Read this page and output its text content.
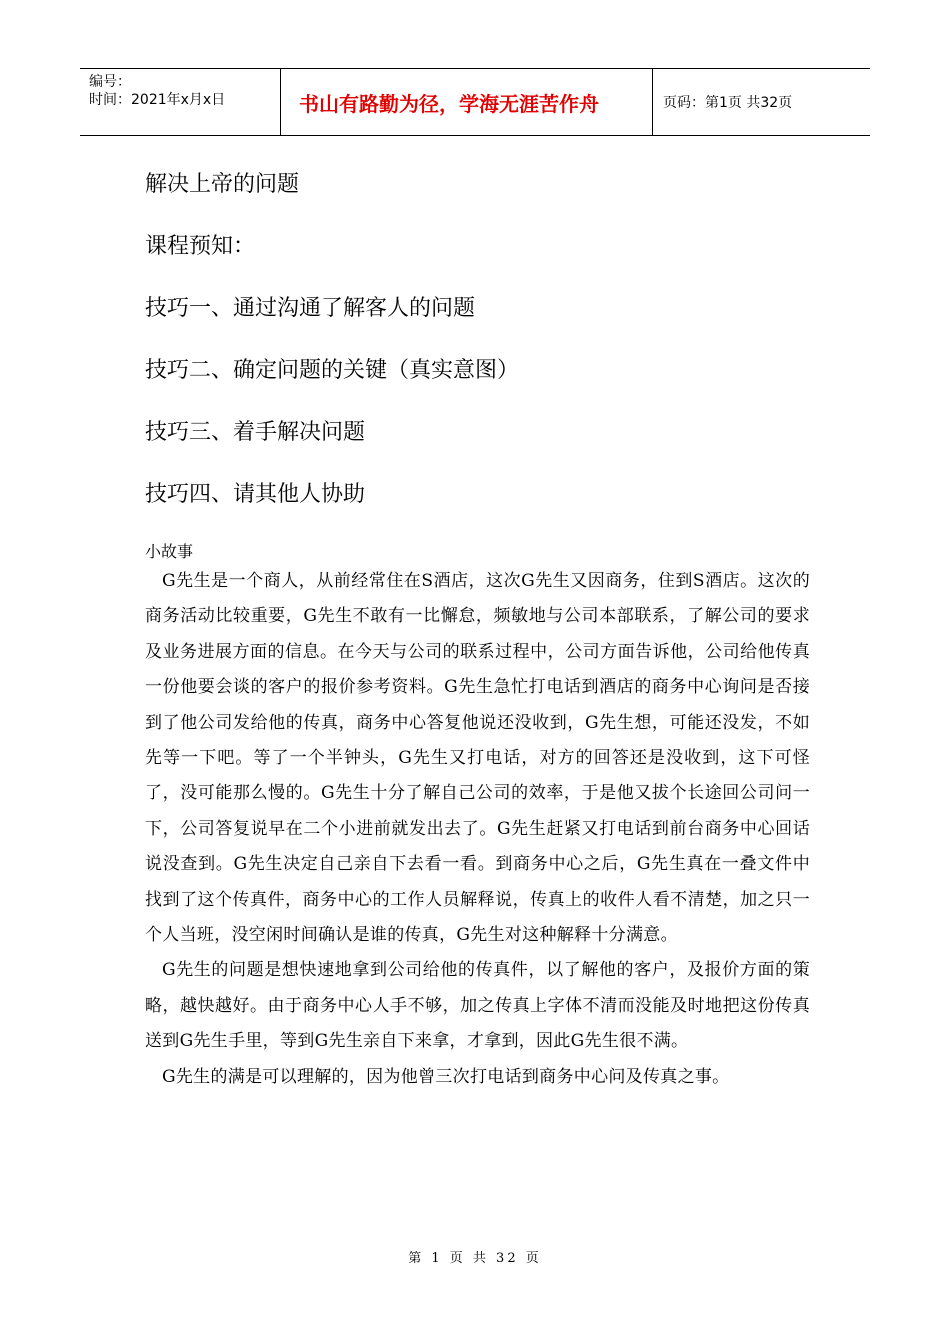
编号：
时间：2021年x月x日	书山有路勤为径，学海无涯苦作舟	页码：第1页 共32页

解决上帝的问题

课程预知：

技巧一、通过沟通了解客人的问题

技巧二、确定问题的关键（真实意图）

技巧三、着手解决问题

技巧四、请其他人协助

小故事

G先生是一个商人，从前经常住在S酒店，这次G先生又因商务，住到S酒店。这次的商务活动比较重要，G先生不敢有一比懈怠，频敏地与公司本部联系，了解公司的要求及业务进展方面的信息。在今天与公司的联系过程中，公司方面告诉他，公司给他传真一份他要会谈的客户的报价参考资料。G先生急忙打电话到酒店的商务中心询问是否接到了他公司发给他的传真，商务中心答复他说还没收到，G先生想，可能还没发，不如先等一下吧。等了一个半钟头，G先生又打电话，对方的回答还是没收到，这下可怪了，没可能那么慢的。G先生十分了解自己公司的效率，于是他又拔个长途回公司问一下，公司答复说早在二个小进前就发出去了。G先生赶紧又打电话到前台商务中心回话说没查到。G先生决定自己亲自下去看一看。到商务中心之后，G先生真在一叠文件中找到了这个传真件，商务中心的工作人员解释说，传真上的收件人看不清楚，加之只一个人当班，没空闲时间确认是谁的传真，G先生对这种解释十分满意。

G先生的问题是想快速地拿到公司给他的传真件，以了解他的客户，及报价方面的策略，越快越好。由于商务中心人手不够，加之传真上字体不清而没能及时地把这份传真送到G先生手里，等到G先生亲自下来拿，才拿到，因此G先生很不满。

G先生的满是可以理解的，因为他曾三次打电话到商务中心问及传真之事。

第 1 页 共 32 页
